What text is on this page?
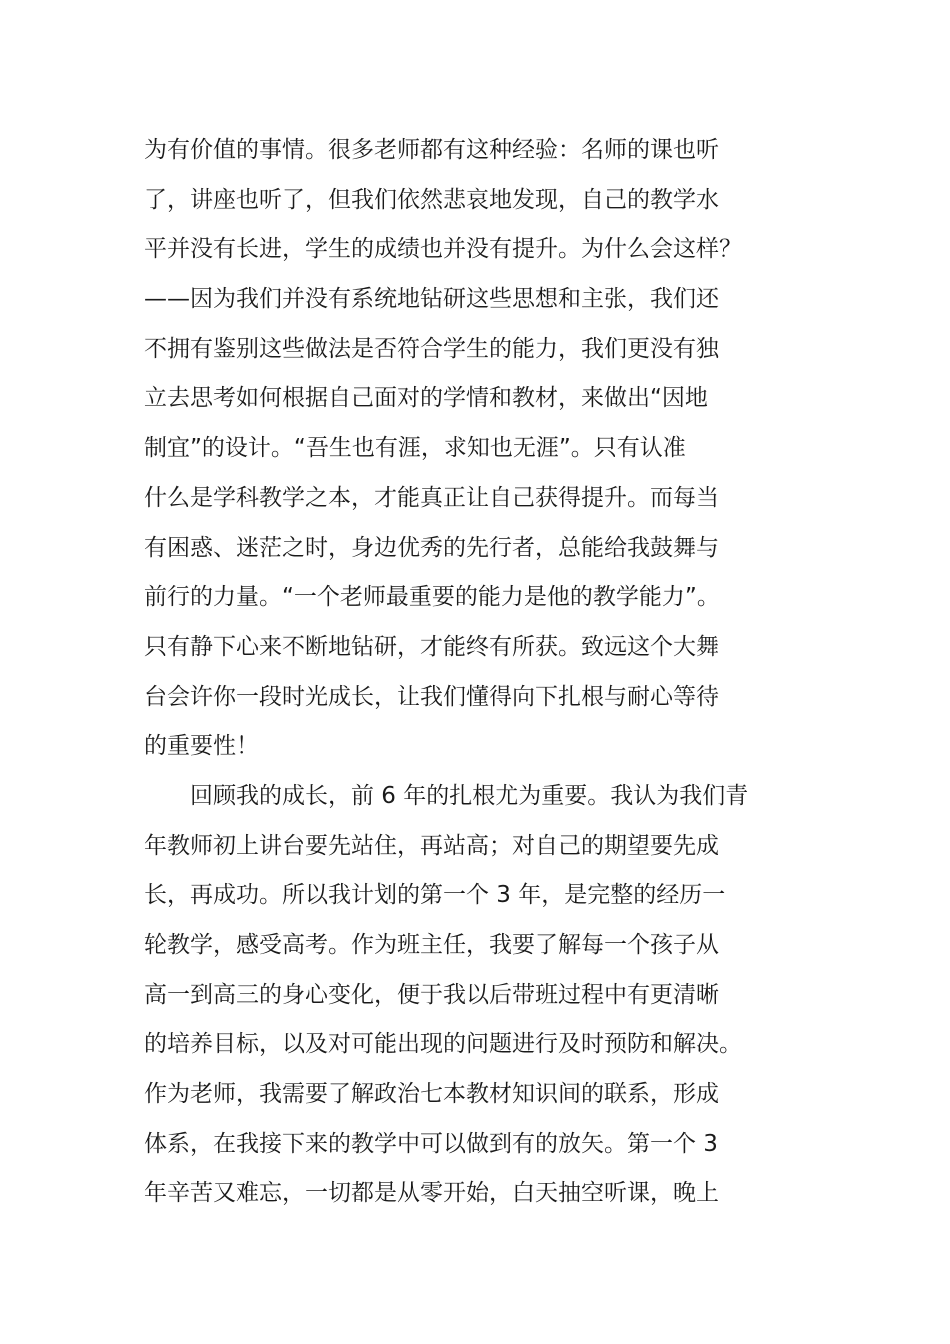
为有价值的事情。很多老师都有这种经验：名师的课也听
了，讲座也听了，但我们依然悲哀地发现，自己的教学水
平并没有长进，学生的成绩也并没有提升。为什么会这样？
——因为我们并没有系统地钻研这些思想和主张，我们还
不拥有鉴别这些做法是否符合学生的能力，我们更没有独
立去思考如何根据自己面对的学情和教材，来做出“因地
制宜”的设计。“吾生也有涯，求知也无涯”。只有认准
什么是学科教学之本，才能真正让自己获得提升。而每当
有困惑、迷茫之时，身边优秀的先行者，总能给我鼓舞与
前行的力量。“一个老师最重要的能力是他的教学能力”。
只有静下心来不断地钻研，才能终有所获。致远这个大舞
台会许你一段时光成长，让我们懂得向下扎根与耐心等待
的重要性！
　　回顾我的成长，前 6 年的扎根尤为重要。我认为我们青
年教师初上讲台要先站住，再站高；对自己的期望要先成
长，再成功。所以我计划的第一个 3 年，是完整的经历一
轮教学，感受高考。作为班主任，我要了解每一个孩子从
高一到高三的身心变化，便于我以后带班过程中有更清晰
的培养目标，以及对可能出现的问题进行及时预防和解决。
作为老师，我需要了解政治七本教材知识间的联系，形成
体系，在我接下来的教学中可以做到有的放矢。第一个 3
年辛苦又难忘，一切都是从零开始，白天抽空听课，晚上
